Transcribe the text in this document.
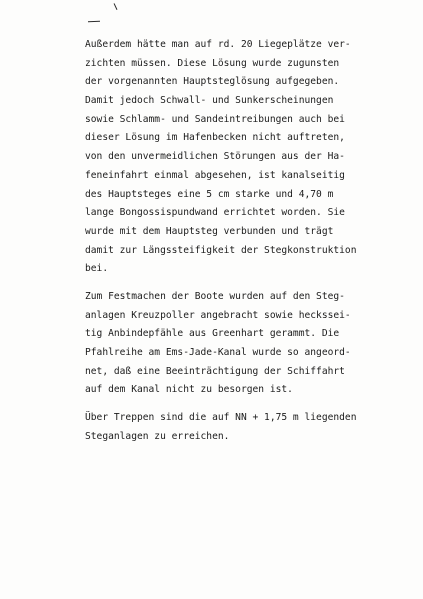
Außerdem hätte man auf rd. 20 Liegeplätze ver-
zichten müssen. Diese Lösung wurde zugunsten
der vorgenannten Hauptsteglösung aufgegeben.
Damit jedoch Schwall- und Sunkerscheinungen
sowie Schlamm- und Sandeintreibungen auch bei
dieser Lösung im Hafenbecken nicht auftreten,
von den unvermeidlichen Störungen aus der Ha-
feneinfahrt einmal abgesehen, ist kanalseitig
des Hauptsteges eine 5 cm starke und 4,70 m
lange Bongossispundwand errichtet worden. Sie
wurde mit dem Hauptsteg verbunden und trägt
damit zur Längssteifigkeit der Stegkonstruktion
bei.
Zum Festmachen der Boote wurden auf den Steg-
anlagen Kreuzpoller angebracht sowie heckssei-
tig Anbindepfähle aus Greenhart gerammt. Die
Pfahlreihe am Ems-Jade-Kanal wurde so angeord-
net, daß eine Beeinträchtigung der Schiffahrt
auf dem Kanal nicht zu besorgen ist.
Über Treppen sind die auf NN + 1,75 m liegenden
Steganlagen zu erreichen.
